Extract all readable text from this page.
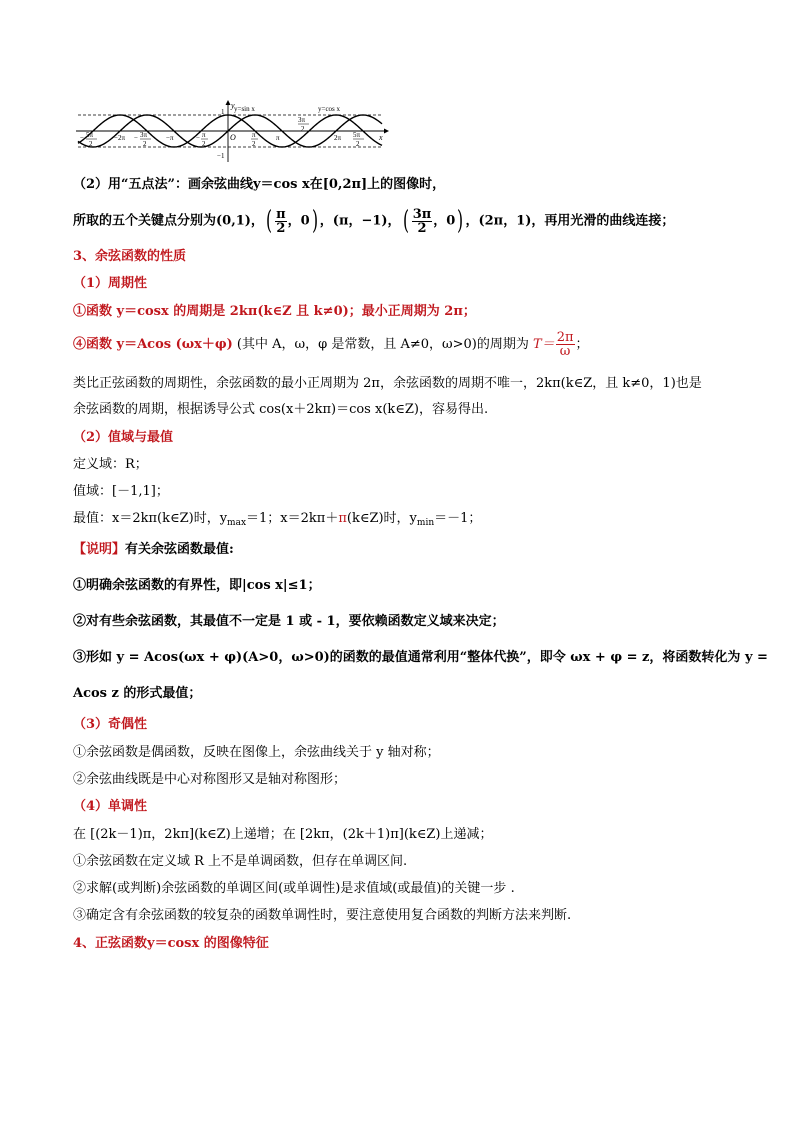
y
x
1
−1
O
y=sin x	y=cos x
−π
−2π	π	2π
− 5π
2
− 3π
2
− π
2
π
2
3π
2
5π
2
（2）用“五点法”：画余弦曲线y＝cos x在[0,2π]上的图像时，
所取的五个关键点分别为(0,1)，( $\frac{\pi}{2}$ ，0) ，(π，−1)，( $\frac{3\pi}{2}$ ，0) ，(2π，1)，再用光滑的曲线连接；
3、余弦函数的性质
（1）周期性
①函数 y＝cosx 的周期是 2kπ(k∈Z 且 k≠0)；最小正周期为 2π；
④函数 y＝Acos (ωx＋φ) (其中 A，ω，φ 是常数，且 A≠0，ω>0)的周期为 $T= \frac{2\pi}{\omega}$ ；
类比正弦函数的周期性，余弦函数的最小正周期为 2π，余弦函数的周期不唯一，2kπ(k∈Z，且 k≠0，1)也是
余弦函数的周期，根据诱导公式 cos(x＋2kπ)＝cos x(k∈Z)，容易得出.
（2）值域与最值
定义域：R；
值域：[－1,1]；
最值：x＝2kπ(k∈Z)时，$y_{max}=1$；x＝2kπ＋π(k∈Z)时，$y_{min}=-1$；
【说明】有关余弦函数最值:
①明确余弦函数的有界性，即|cos x|≤1；
②对有些余弦函数，其最值不一定是 1 或 - 1，要依赖函数定义域来决定；
③形如 y = Acos(ωx + φ)(A>0，ω>0)的函数的最值通常利用“整体代换”，即令 ωx + φ = z，将函数转化为 y =
Acos z 的形式最值；
（3）奇偶性
①余弦函数是偶函数，反映在图像上，余弦曲线关于 y 轴对称；
②余弦曲线既是中心对称图形又是轴对称图形；
（4）单调性
在 [(2k－1)π，2kπ](k∈Z)上递增；在 [2kπ，(2k＋1)π](k∈Z)上递减；
①余弦函数在定义域 R 上不是单调函数，但存在单调区间.
②求解(或判断)余弦函数的单调区间(或单调性)是求值域(或最值)的关键一步 .
③确定含有余弦函数的较复杂的函数单调性时，要注意使用复合函数的判断方法来判断.
4、正弦函数y＝cosx 的图像特征
